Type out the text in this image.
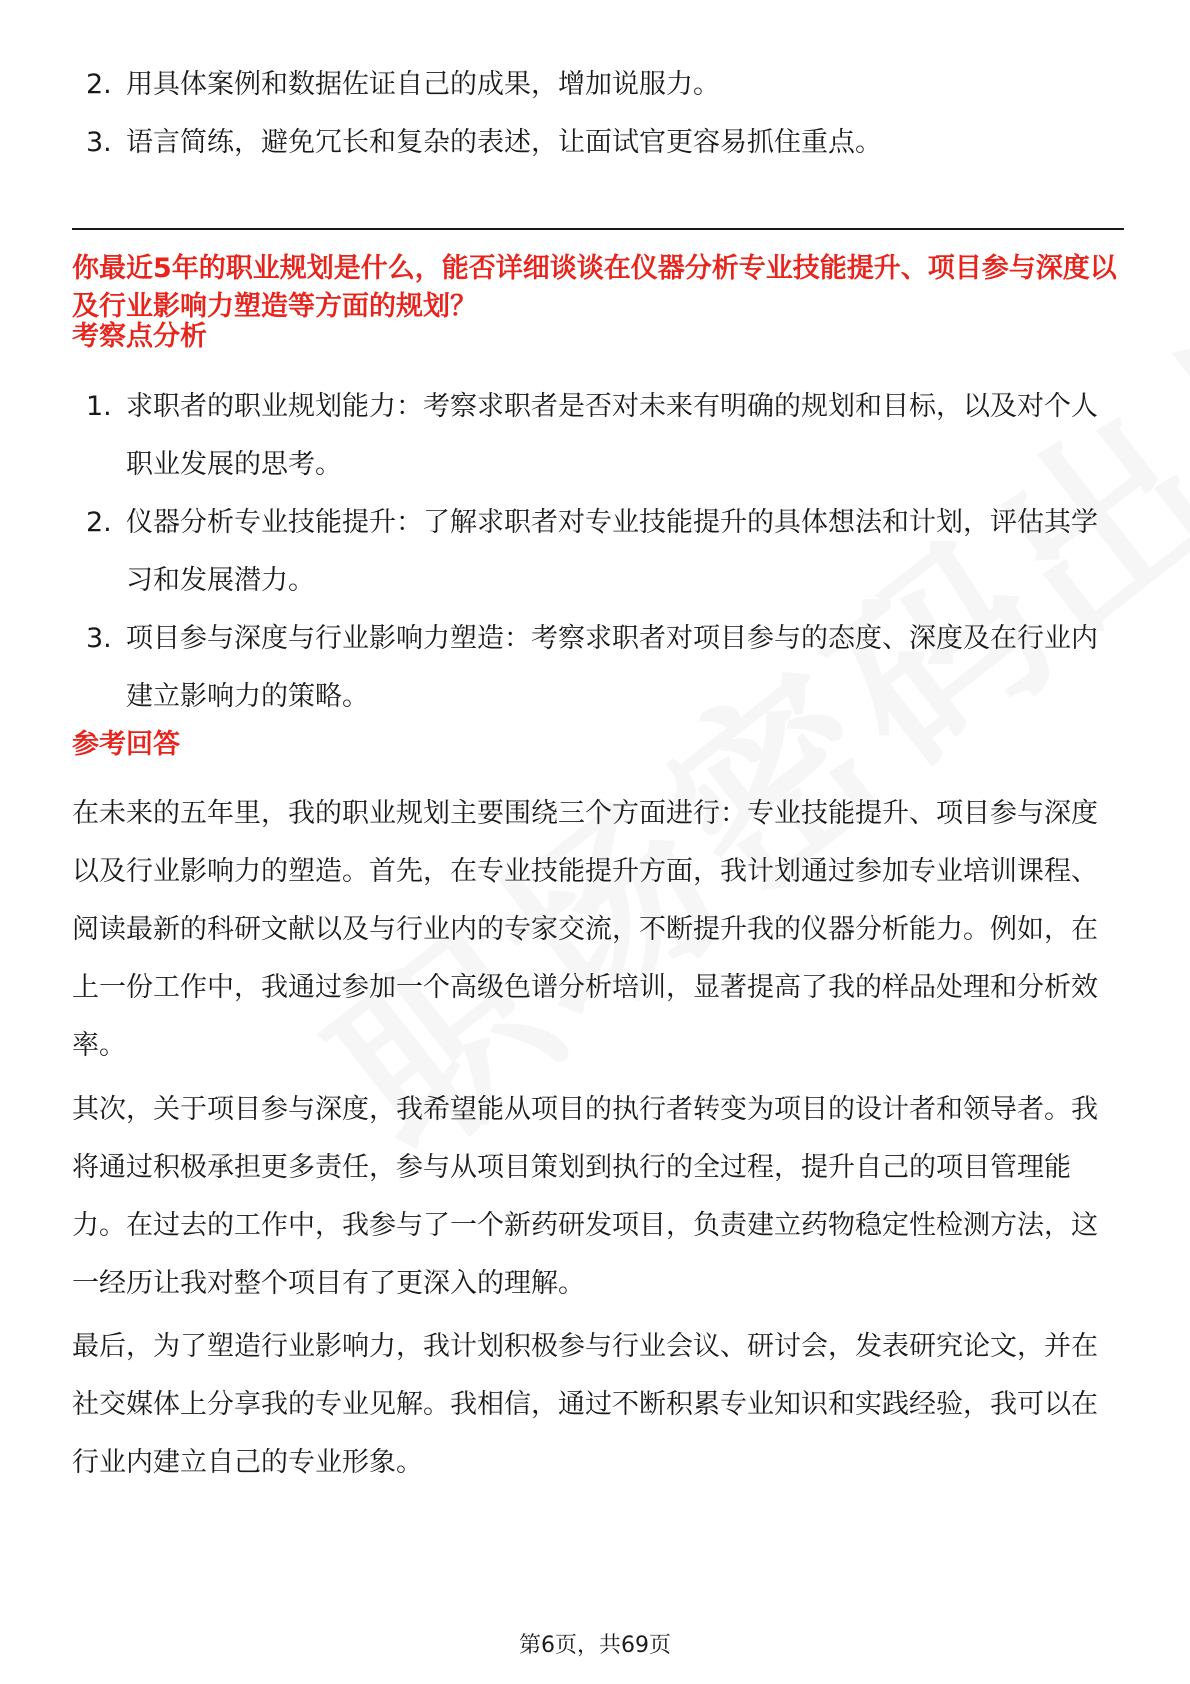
2. 用具体案例和数据佐证自己的成果，增加说服力。
3. 语言简练，避免冗长和复杂的表述，让面试官更容易抓住重点。
你最近5年的职业规划是什么，能否详细谈谈在仪器分析专业技能提升、项目参与深度以及行业影响力塑造等方面的规划？
考察点分析
1. 求职者的职业规划能力：考察求职者是否对未来有明确的规划和目标，以及对个人职业发展的思考。
2. 仪器分析专业技能提升：了解求职者对专业技能提升的具体想法和计划，评估其学习和发展潜力。
3. 项目参与深度与行业影响力塑造：考察求职者对项目参与的态度、深度及在行业内建立影响力的策略。
参考回答

在未来的五年里，我的职业规划主要围绕三个方面进行：专业技能提升、项目参与深度以及行业影响力的塑造。首先，在专业技能提升方面，我计划通过参加专业培训课程、阅读最新的科研文献以及与行业内的专家交流，不断提升我的仪器分析能力。例如，在上一份工作中，我通过参加一个高级色谱分析培训，显著提高了我的样品处理和分析效率。

其次，关于项目参与深度，我希望能从项目的执行者转变为项目的设计者和领导者。我将通过积极承担更多责任，参与从项目策划到执行的全过程，提升自己的项目管理能力。在过去的工作中，我参与了一个新药研发项目，负责建立药物稳定性检测方法，这一经历让我对整个项目有了更深入的理解。

最后，为了塑造行业影响力，我计划积极参与行业会议、研讨会，发表研究论文，并在社交媒体上分享我的专业见解。我相信，通过不断积累专业知识和实践经验，我可以在行业内建立自己的专业形象。

第6页，共69页
